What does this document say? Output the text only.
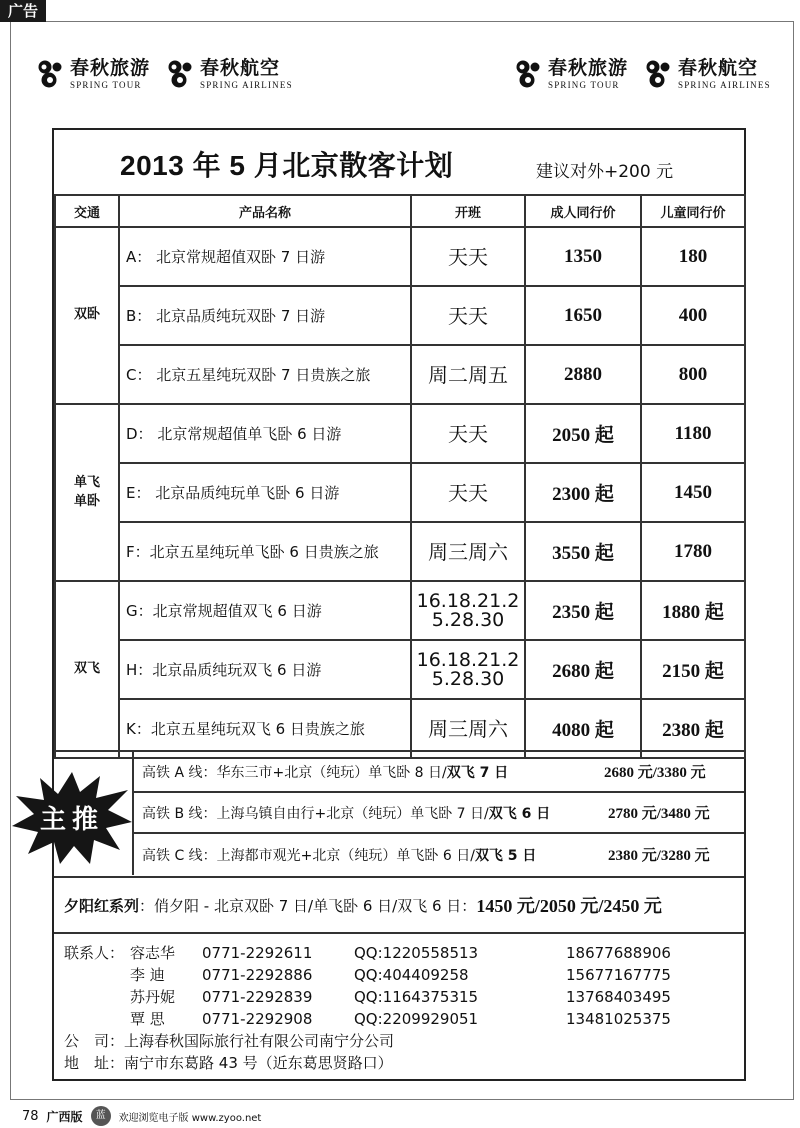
广告
春秋旅游
SPRING TOUR
春秋航空
SPRING AIRLINES
春秋旅游
SPRING TOUR
春秋航空
SPRING AIRLINES
2013 年 5 月北京散客计划	建议对外+200 元
交通	产品名称	开班	成人同行价	儿童同行价
双卧	A： 北京常规超值双卧 7 日游	天天	1350	180
	B： 北京品质纯玩双卧 7 日游	天天	1650	400
	C： 北京五星纯玩双卧 7 日贵族之旅	周二周五	2880	800
单飞
单卧	D： 北京常规超值单飞卧 6 日游	天天	2050 起	1180
	E： 北京品质纯玩单飞卧 6 日游	天天	2300 起	1450
	F：北京五星纯玩单飞卧 6 日贵族之旅	周三周六	3550 起	1780
双飞	G：北京常规超值双飞 6 日游	16.18.21.2
5.28.30	2350 起	1880 起
	H：北京品质纯玩双飞 6 日游	16.18.21.2
5.28.30	2680 起	2150 起
	K：北京五星纯玩双飞 6 日贵族之旅	周三周六	4080 起	2380 起
主推
高铁 A 线：华东三市+北京（纯玩）单飞卧 8 日/双飞 7 日	2680 元/3380 元
高铁 B 线：上海乌镇自由行+北京（纯玩）单飞卧 7 日/双飞 6 日	2780 元/3480 元
高铁 C 线：上海都市观光+北京（纯玩）单飞卧 6 日/双飞 5 日	2380 元/3280 元
夕阳红系列 ：俏夕阳 - 北京双卧 7 日/单飞卧 6 日/双飞 6 日： 1450 元/2050 元/2450 元
联系人： 容志华	0771-2292611	QQ:1220558513	18677688906
李 迪	0771-2292886	QQ:404409258	15677167775
苏丹妮	0771-2292839	QQ:1164375315	13768403495
覃 思	0771-2292908	QQ:2209929051	13481025375
公　司：上海春秋国际旅行社有限公司南宁分公司
地　址：南宁市东葛路 43 号（近东葛思贤路口）
78 广西版	蓝	欢迎浏览电子版 www.zyoo.net
